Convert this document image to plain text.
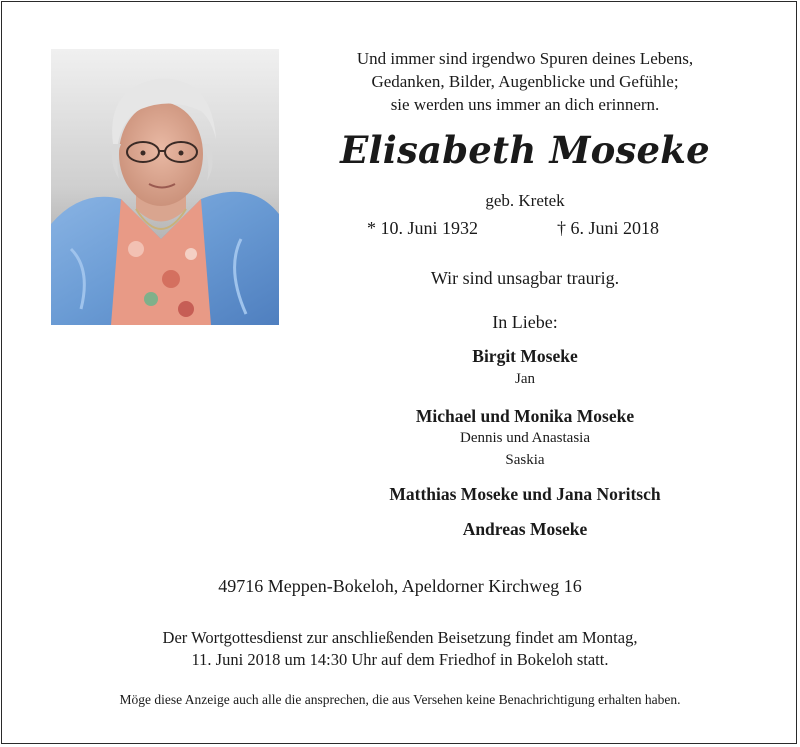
Und immer sind irgendwo Spuren deines Lebens,
Gedanken, Bilder, Augenblicke und Gefühle;
sie werden uns immer an dich erinnern.
Elisabeth Moseke
geb. Kretek
* 10. Juni 1932	† 6. Juni 2018
Wir sind unsagbar traurig.
In Liebe:
Birgit Moseke
Jan
Michael und Monika Moseke
Dennis und Anastasia
Saskia
Matthias Moseke und Jana Noritsch
Andreas Moseke
49716 Meppen-Bokeloh, Apeldorner Kirchweg 16
Der Wortgottesdienst zur anschließenden Beisetzung findet am Montag,
11. Juni 2018 um 14:30 Uhr auf dem Friedhof in Bokeloh statt.
Möge diese Anzeige auch alle die ansprechen, die aus Versehen keine Benachrichtigung erhalten haben.
